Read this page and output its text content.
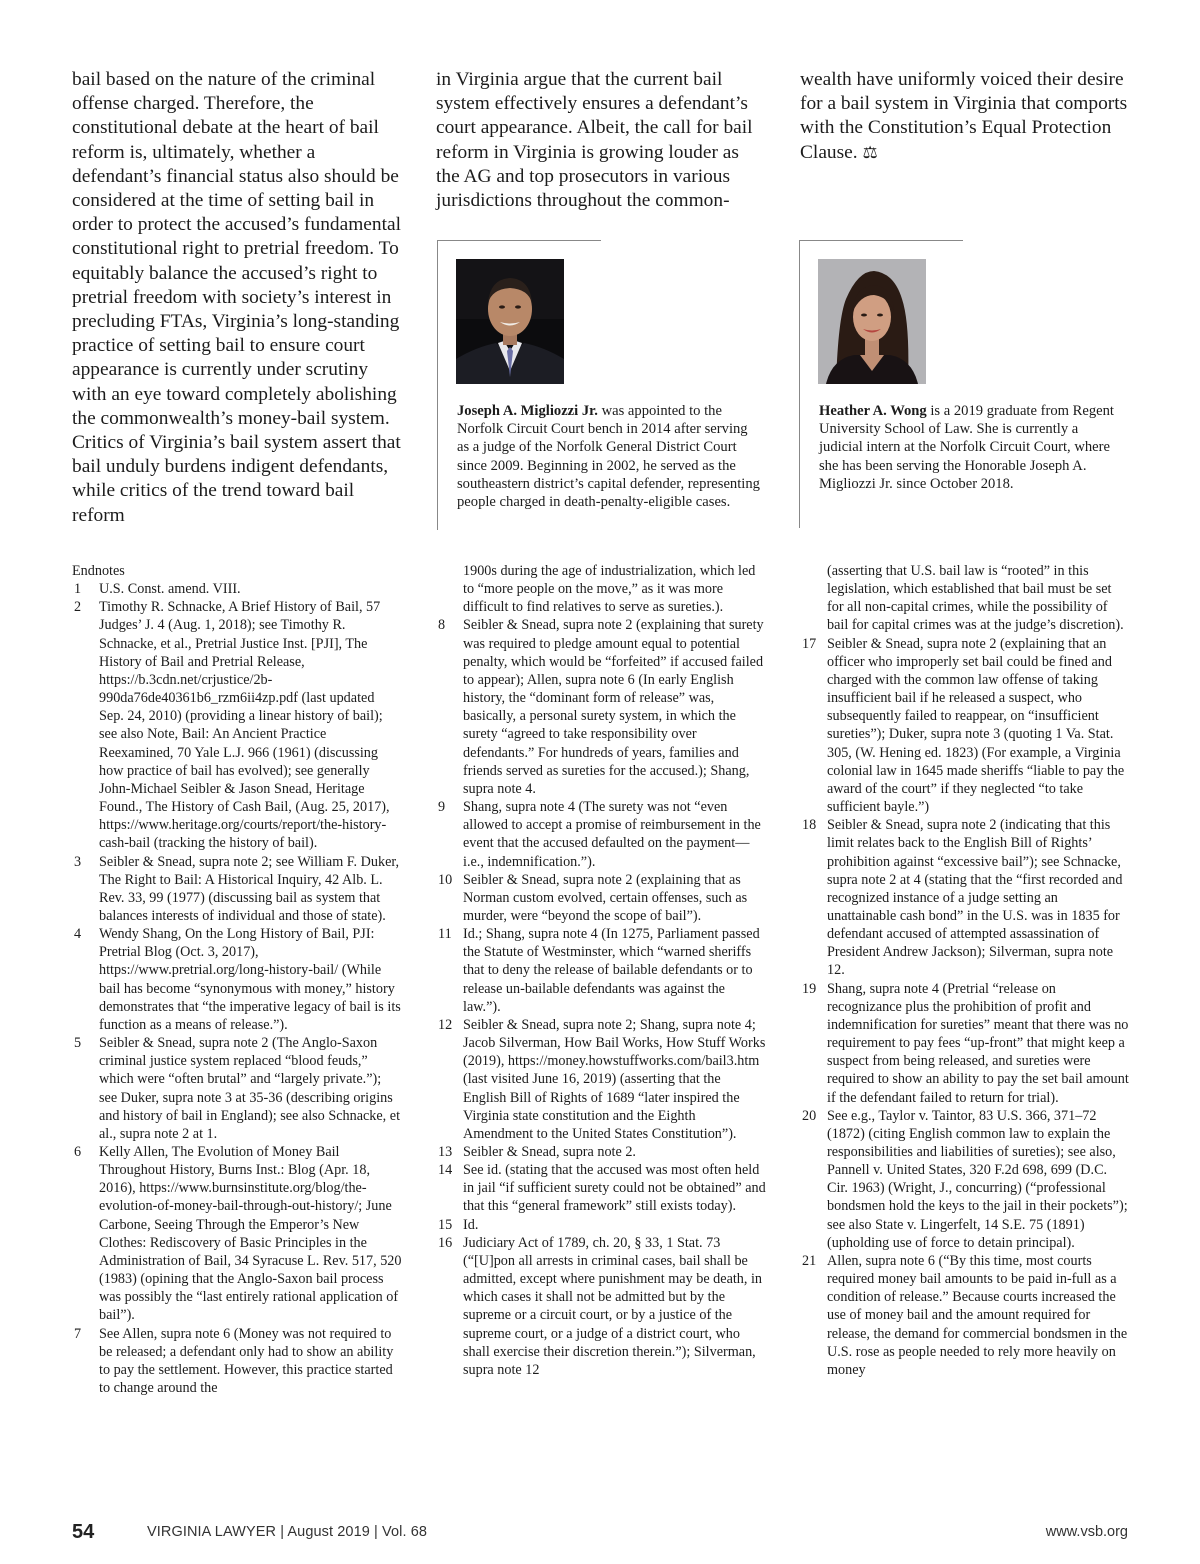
bail based on the nature of the criminal offense charged. Therefore, the constitutional debate at the heart of bail reform is, ultimately, whether a defendant’s financial status also should be considered at the time of setting bail in order to protect the accused’s fundamental constitutional right to pretrial freedom. To equitably balance the accused’s right to pretrial freedom with society’s interest in precluding FTAs, Virginia’s long-standing practice of setting bail to ensure court appearance is currently under scrutiny with an eye toward completely abolishing the commonwealth’s money-bail system. Critics of Virginia’s bail system assert that bail unduly burdens indigent defendants, while critics of the trend toward bail reform

in Virginia argue that the current bail system effectively ensures a defendant’s court appearance. Albeit, the call for bail reform in Virginia is growing louder as the AG and top prosecutors in various jurisdictions throughout the common-

wealth have uniformly voiced their desire for a bail system in Virginia that comports with the Constitution’s Equal Protection Clause. ⚖

Joseph A. Migliozzi Jr. was appointed to the Norfolk Circuit Court bench in 2014 after serving as a judge of the Norfolk General District Court since 2009. Beginning in 2002, he served as the southeastern district’s capital defender, representing people charged in death-penalty-eligible cases.
Heather A. Wong is a 2019 graduate from Regent University School of Law. She is currently a judicial intern at the Norfolk Circuit Court, where she has been serving the Honorable Joseph A. Migliozzi Jr. since October 2018.

Endnotes

1 U.S. Const. amend. VIII.
2 Timothy R. Schnacke, A Brief History of Bail, 57 Judges’ J. 4 (Aug. 1, 2018); see Timothy R. Schnacke, et al., Pretrial Justice Inst. [PJI], The History of Bail and Pretrial Release, https://b.3cdn.net/crjustice/2b-990da76de40361b6_rzm6ii4zp.pdf (last updated Sep. 24, 2010) (providing a linear history of bail); see also Note, Bail: An Ancient Practice Reexamined, 70 Yale L.J. 966 (1961) (discussing how practice of bail has evolved); see generally John-Michael Seibler & Jason Snead, Heritage Found., The History of Cash Bail, (Aug. 25, 2017), https://www.heritage.org/courts/report/the-history-cash-bail (tracking the history of bail).
3 Seibler & Snead, supra note 2; see William F. Duker, The Right to Bail: A Historical Inquiry, 42 Alb. L. Rev. 33, 99 (1977) (discussing bail as system that balances interests of individual and those of state).
4 Wendy Shang, On the Long History of Bail, PJI: Pretrial Blog (Oct. 3, 2017), https://www.pretrial.org/long-history-bail/ (While bail has become “synonymous with money,” history demonstrates that “the imperative legacy of bail is its function as a means of release.”).
5 Seibler & Snead, supra note 2 (The Anglo-Saxon criminal justice system replaced “blood feuds,” which were “often brutal” and “largely private.”); see Duker, supra note 3 at 35-36 (describing origins and history of bail in England); see also Schnacke, et al., supra note 2 at 1.
6 Kelly Allen, The Evolution of Money Bail Throughout History, Burns Inst.: Blog (Apr. 18, 2016), https://www.burnsinstitute.org/blog/the-evolution-of-money-bail-through-out-history/; June Carbone, Seeing Through the Emperor’s New Clothes: Rediscovery of Basic Principles in the Administration of Bail, 34 Syracuse L. Rev. 517, 520 (1983) (opining that the Anglo-Saxon bail process was possibly the “last entirely rational application of bail”).
7 See Allen, supra note 6 (Money was not required to be released; a defendant only had to show an ability to pay the settlement. However, this practice started to change around the

1900s during the age of industrialization, which led to “more people on the move,” as it was more difficult to find relatives to serve as sureties.).

8 Seibler & Snead, supra note 2 (explaining that surety was required to pledge amount equal to potential penalty, which would be “forfeited” if accused failed to appear); Allen, supra note 6 (In early English history, the “dominant form of release” was, basically, a personal surety system, in which the surety “agreed to take responsibility over defendants.” For hundreds of years, families and friends served as sureties for the accused.); Shang, supra note 4.
9 Shang, supra note 4 (The surety was not “even allowed to accept a promise of reimbursement in the event that the accused defaulted on the payment—i.e., indemnification.”).
10 Seibler & Snead, supra note 2 (explaining that as Norman custom evolved, certain offenses, such as murder, were “beyond the scope of bail”).
11 Id.; Shang, supra note 4 (In 1275, Parliament passed the Statute of Westminster, which “warned sheriffs that to deny the release of bailable defendants or to release un-bailable defendants was against the law.”).
12 Seibler & Snead, supra note 2; Shang, supra note 4; Jacob Silverman, How Bail Works, How Stuff Works (2019), https://money.howstuffworks.com/bail3.htm (last visited June 16, 2019) (asserting that the English Bill of Rights of 1689 “later inspired the Virginia state constitution and the Eighth Amendment to the United States Constitution”).
13 Seibler & Snead, supra note 2.
14 See id. (stating that the accused was most often held in jail “if sufficient surety could not be obtained” and that this “general framework” still exists today).
15 Id.
16 Judiciary Act of 1789, ch. 20, § 33, 1 Stat. 73 (“[U]pon all arrests in criminal cases, bail shall be admitted, except where punishment may be death, in which cases it shall not be admitted but by the supreme or a circuit court, or by a justice of the supreme court, or a judge of a district court, who shall exercise their discretion therein.”); Silverman, supra note 12

(asserting that U.S. bail law is “rooted” in this legislation, which established that bail must be set for all non-capital crimes, while the possibility of bail for capital crimes was at the judge’s discretion).

17 Seibler & Snead, supra note 2 (explaining that an officer who improperly set bail could be fined and charged with the common law offense of taking insufficient bail if he released a suspect, who subsequently failed to reappear, on “insufficient sureties”); Duker, supra note 3 (quoting 1 Va. Stat. 305, (W. Hening ed. 1823) (For example, a Virginia colonial law in 1645 made sheriffs “liable to pay the award of the court” if they neglected “to take sufficient bayle.”)
18 Seibler & Snead, supra note 2 (indicating that this limit relates back to the English Bill of Rights’ prohibition against “excessive bail”); see Schnacke, supra note 2 at 4 (stating that the “first recorded and recognized instance of a judge setting an unattainable cash bond” in the U.S. was in 1835 for defendant accused of attempted assassination of President Andrew Jackson); Silverman, supra note 12.
19 Shang, supra note 4 (Pretrial “release on recognizance plus the prohibition of profit and indemnification for sureties” meant that there was no requirement to pay fees “up-front” that might keep a suspect from being released, and sureties were required to show an ability to pay the set bail amount if the defendant failed to return for trial).
20 See e.g., Taylor v. Taintor, 83 U.S. 366, 371–72 (1872) (citing English common law to explain the responsibilities and liabilities of sureties); see also, Pannell v. United States, 320 F.2d 698, 699 (D.C. Cir. 1963) (Wright, J., concurring) (“professional bondsmen hold the keys to the jail in their pockets”); see also State v. Lingerfelt, 14 S.E. 75 (1891) (upholding use of force to detain principal).
21 Allen, supra note 6 (“By this time, most courts required money bail amounts to be paid in-full as a condition of release.” Because courts increased the use of money bail and the amount required for release, the demand for commercial bondsmen in the U.S. rose as people needed to rely more heavily on money
54	VIRGINIA LAWYER | August 2019 | Vol. 68	www.vsb.org
